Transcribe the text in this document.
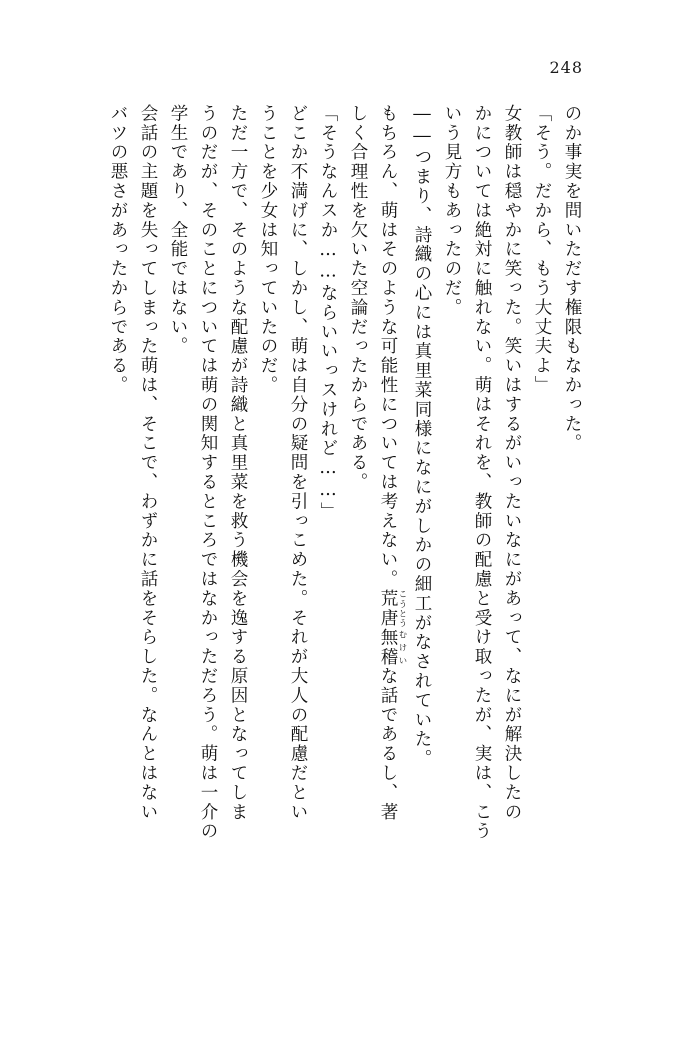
248
のか事実を問いただす権限もなかった。
「そう。だから、もう大丈夫よ」
女教師は穏やかに笑った。笑いはするがいったいなにがあって、なにが解決したの
かについては絶対に触れない。萌はそれを、教師の配慮と受け取ったが、実は、こう
いう見方もあったのだ。
――つまり、詩織の心には真里菜同様になにがしかの細工がなされていた。
もちろん、萌はそのような可能性については考えない。荒唐 こうとう無稽 むけいな話であるし、著
しく合理性を欠いた空論だったからである。
「そうなんスか……ならいいっスけれど……」
どこか不満げに、しかし、萌は自分の疑問を引っこめた。それが大人の配慮だとい
うことを少女は知っていたのだ。
ただ一方で、そのような配慮が詩織と真里菜を救う機会を逸する原因となってしま
うのだが、そのことについては萌の関知するところではなかっただろう。萌は一介の
学生であり、全能ではない。
会話の主題を失ってしまった萌は、そこで、わずかに話をそらした。なんとはない
バツの悪さがあったからである。
